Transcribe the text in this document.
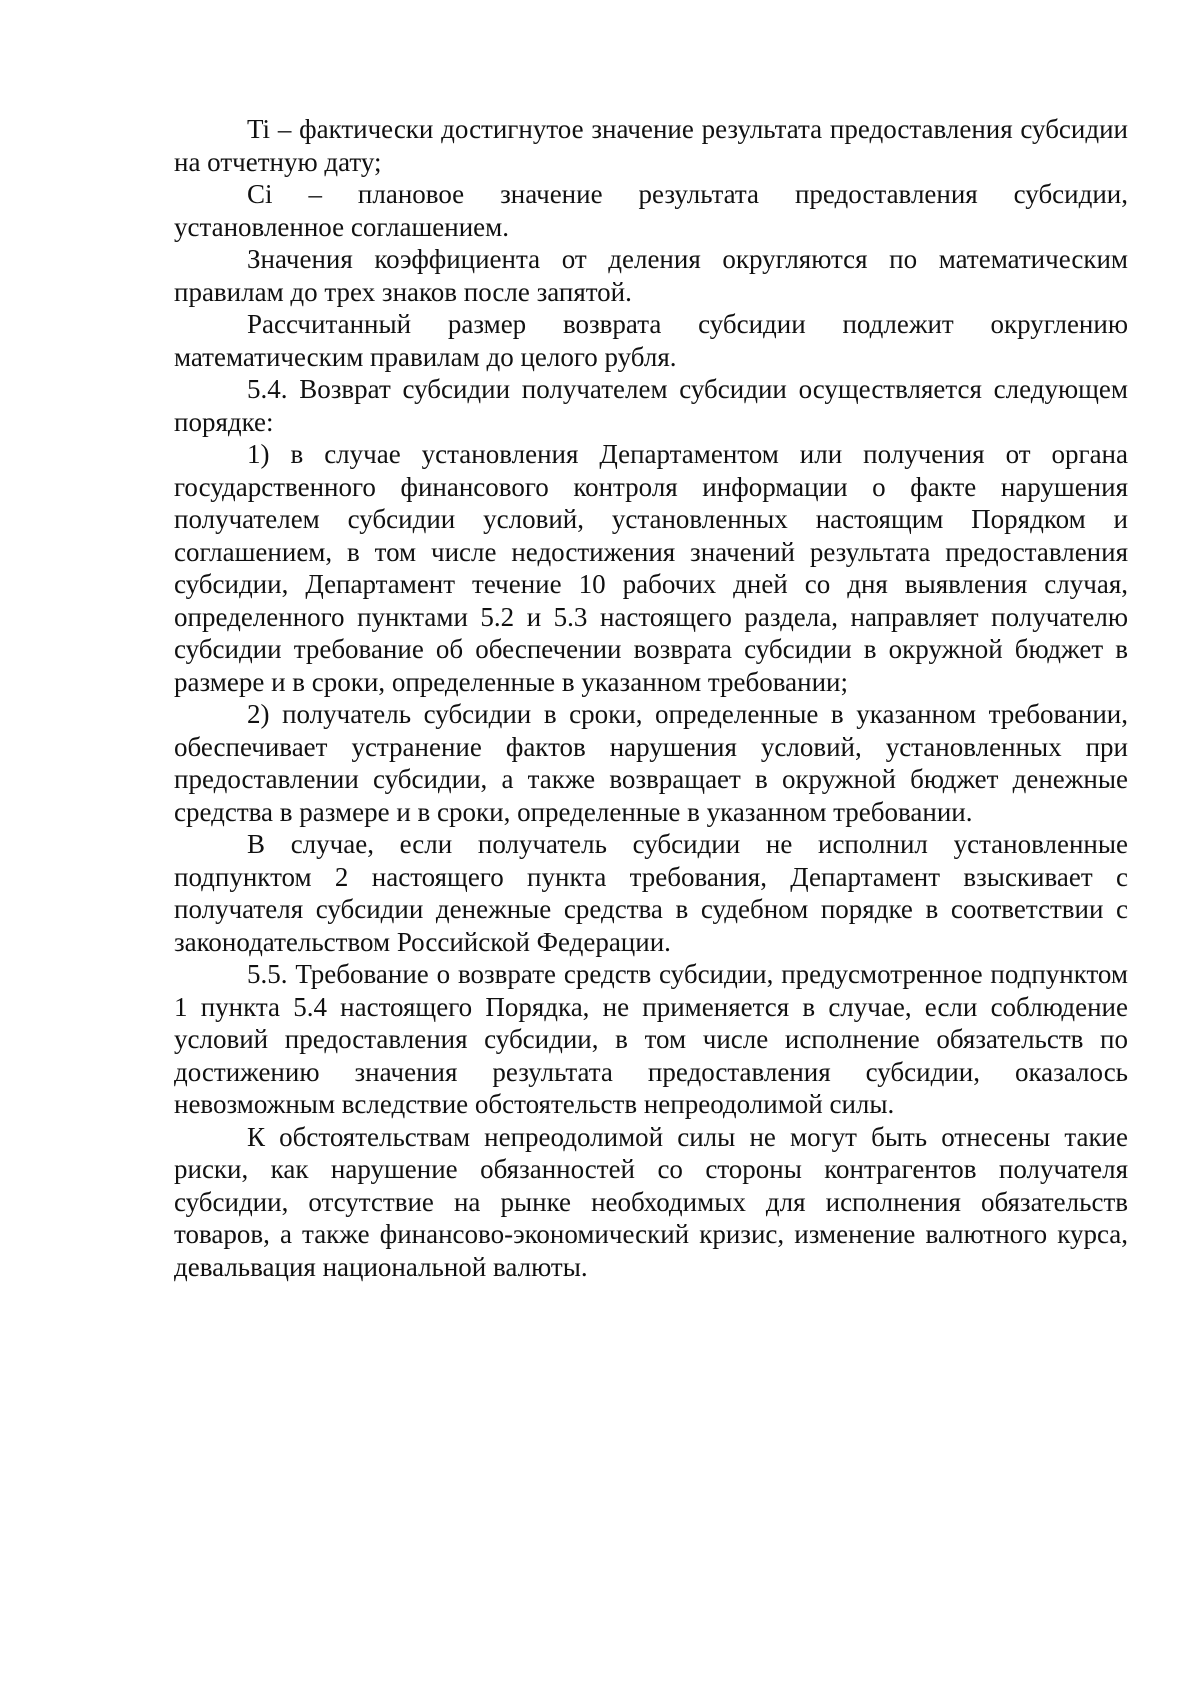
Ti – фактически достигнутое значение результата предоставления субсидии на отчетную дату;

Ci – плановое значение результата предоставления субсидии, установленное соглашением.

Значения коэффициента от деления округляются по математическим правилам до трех знаков после запятой.

Рассчитанный размер возврата субсидии подлежит округлению математическим правилам до целого рубля.

5.4. Возврат субсидии получателем субсидии осуществляется следующем порядке:

1) в случае установления Департаментом или получения от органа государственного финансового контроля информации о факте нарушения получателем субсидии условий, установленных настоящим Порядком и соглашением, в том числе недостижения значений результата предоставления субсидии, Департамент течение 10 рабочих дней со дня выявления случая, определенного пунктами 5.2 и 5.3 настоящего раздела, направляет получателю субсидии требование об обеспечении возврата субсидии в окружной бюджет в размере и в сроки, определенные в указанном требовании;

2) получатель субсидии в сроки, определенные в указанном требовании, обеспечивает устранение фактов нарушения условий, установленных при предоставлении субсидии, а также возвращает в окружной бюджет денежные средства в размере и в сроки, определенные в указанном требовании.

В случае, если получатель субсидии не исполнил установленные подпунктом 2 настоящего пункта требования, Департамент взыскивает с получателя субсидии денежные средства в судебном порядке в соответствии с законодательством Российской Федерации.

5.5. Требование о возврате средств субсидии, предусмотренное подпунктом 1 пункта 5.4 настоящего Порядка, не применяется в случае, если соблюдение условий предоставления субсидии, в том числе исполнение обязательств по достижению значения результата предоставления субсидии, оказалось невозможным вследствие обстоятельств непреодолимой силы.

К обстоятельствам непреодолимой силы не могут быть отнесены такие риски, как нарушение обязанностей со стороны контрагентов получателя субсидии, отсутствие на рынке необходимых для исполнения обязательств товаров, а также финансово-экономический кризис, изменение валютного курса, девальвация национальной валюты.
